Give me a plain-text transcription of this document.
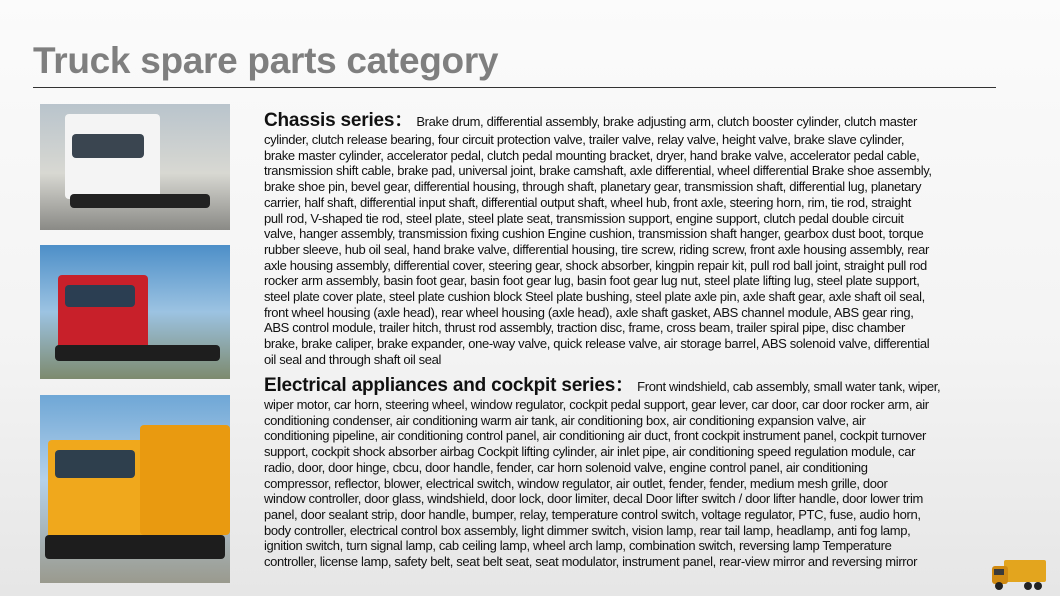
Truck spare parts category
Chassis series： Brake drum, differential assembly, brake adjusting arm, clutch booster cylinder, clutch master
cylinder, clutch release bearing, four circuit protection valve, trailer valve, relay valve, height valve, brake slave cylinder,
brake master cylinder, accelerator pedal, clutch pedal mounting bracket, dryer, hand brake valve, accelerator pedal cable,
transmission shift cable, brake pad, universal joint, brake camshaft, axle differential, wheel differential Brake shoe assembly,
brake shoe pin, bevel gear, differential housing, through shaft, planetary gear, transmission shaft, differential lug, planetary
carrier, half shaft, differential input shaft, differential output shaft, wheel hub, front axle, steering horn, rim, tie rod, straight
pull rod, V-shaped tie rod, steel plate, steel plate seat, transmission support, engine support, clutch pedal double circuit
valve, hanger assembly, transmission fixing cushion Engine cushion, transmission shaft hanger, gearbox dust boot, torque
rubber sleeve, hub oil seal, hand brake valve, differential housing, tire screw, riding screw, front axle housing assembly, rear
axle housing assembly, differential cover, steering gear, shock absorber, kingpin repair kit, pull rod ball joint, straight pull rod
rocker arm assembly, basin foot gear, basin foot gear lug, basin foot gear lug nut, steel plate lifting lug, steel plate support,
steel plate cover plate, steel plate cushion block Steel plate bushing, steel plate axle pin, axle shaft gear, axle shaft oil seal,
front wheel housing (axle head), rear wheel housing (axle head), axle shaft gasket, ABS channel module, ABS gear ring,
ABS control module, trailer hitch, thrust rod assembly, traction disc, frame, cross beam, trailer spiral pipe, disc chamber
brake, brake caliper, brake expander, one-way valve, quick release valve, air storage barrel, ABS solenoid valve, differential
oil seal and through shaft oil seal
Electrical appliances and cockpit series： Front windshield, cab assembly, small water tank, wiper,
wiper motor, car horn, steering wheel, window regulator, cockpit pedal support, gear lever, car door, car door rocker arm, air
conditioning condenser, air conditioning warm air tank, air conditioning box, air conditioning expansion valve, air
conditioning pipeline, air conditioning control panel, air conditioning air duct, front cockpit instrument panel, cockpit turnover
support, cockpit shock absorber airbag Cockpit lifting cylinder, air inlet pipe, air conditioning speed regulation module, car
radio, door, door hinge, cbcu, door handle, fender, car horn solenoid valve, engine control panel, air conditioning
compressor, reflector, blower, electrical switch, window regulator, air outlet, fender, fender, medium mesh grille, door
window controller, door glass, windshield, door lock, door limiter, decal Door lifter switch / door lifter handle, door lower trim
panel, door sealant strip, door handle, bumper, relay, temperature control switch, voltage regulator, PTC, fuse, audio horn,
body controller, electrical control box assembly, light dimmer switch, vision lamp, rear tail lamp, headlamp, anti fog lamp,
ignition switch, turn signal lamp, cab ceiling lamp, wheel arch lamp, combination switch, reversing lamp Temperature
controller, license lamp, safety belt, seat belt seat, seat modulator, instrument panel, rear-view mirror and reversing mirror
